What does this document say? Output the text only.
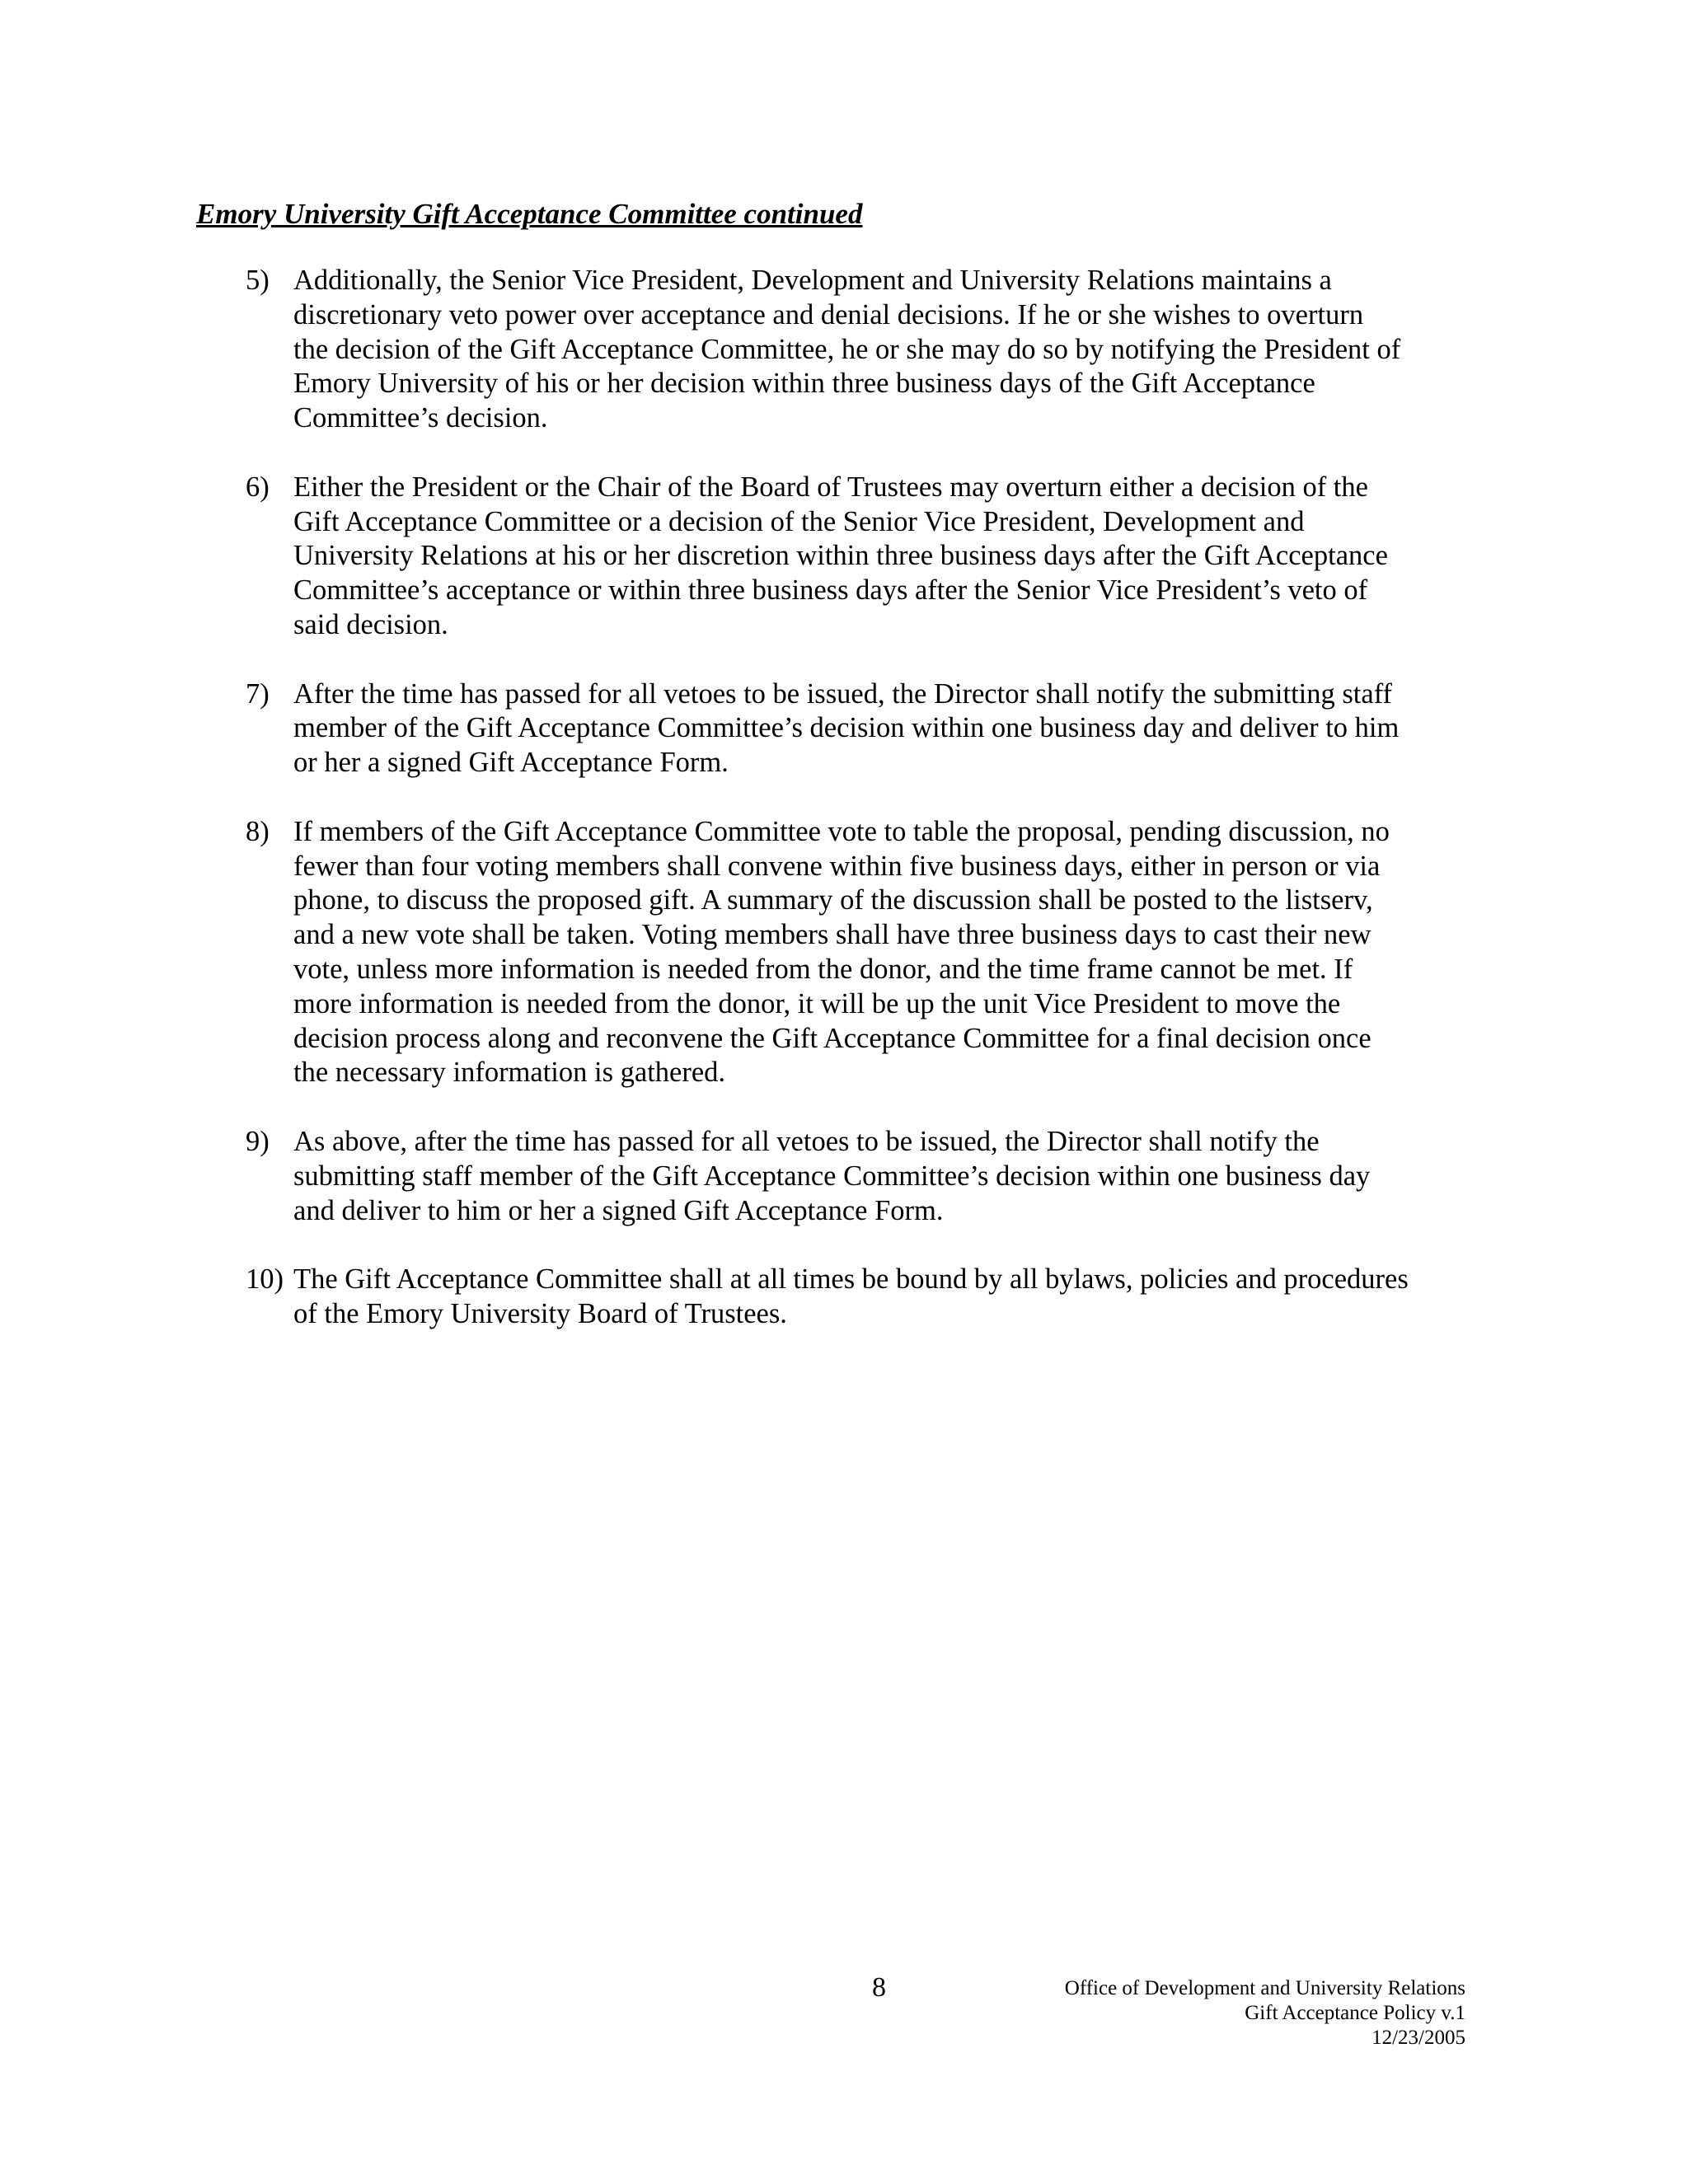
Emory University Gift Acceptance Committee continued
5) Additionally, the Senior Vice President, Development and University Relations maintains a
discretionary veto power over acceptance and denial decisions. If he or she wishes to overturn
the decision of the Gift Acceptance Committee, he or she may do so by notifying the President of
Emory University of his or her decision within three business days of the Gift Acceptance
Committee’s decision.
6) Either the President or the Chair of the Board of Trustees may overturn either a decision of the
Gift Acceptance Committee or a decision of the Senior Vice President, Development and
University Relations at his or her discretion within three business days after the Gift Acceptance
Committee’s acceptance or within three business days after the Senior Vice President’s veto of
said decision.
7) After the time has passed for all vetoes to be issued, the Director shall notify the submitting staff
member of the Gift Acceptance Committee’s decision within one business day and deliver to him
or her a signed Gift Acceptance Form.
8) If members of the Gift Acceptance Committee vote to table the proposal, pending discussion, no
fewer than four voting members shall convene within five business days, either in person or via
phone, to discuss the proposed gift. A summary of the discussion shall be posted to the listserv,
and a new vote shall be taken. Voting members shall have three business days to cast their new
vote, unless more information is needed from the donor, and the time frame cannot be met. If
more information is needed from the donor, it will be up the unit Vice President to move the
decision process along and reconvene the Gift Acceptance Committee for a final decision once
the necessary information is gathered.
9) As above, after the time has passed for all vetoes to be issued, the Director shall notify the
submitting staff member of the Gift Acceptance Committee’s decision within one business day
and deliver to him or her a signed Gift Acceptance Form.
10) The Gift Acceptance Committee shall at all times be bound by all bylaws, policies and procedures
of the Emory University Board of Trustees.
8	Office of Development and University Relations
Gift Acceptance Policy v.1
12/23/2005
